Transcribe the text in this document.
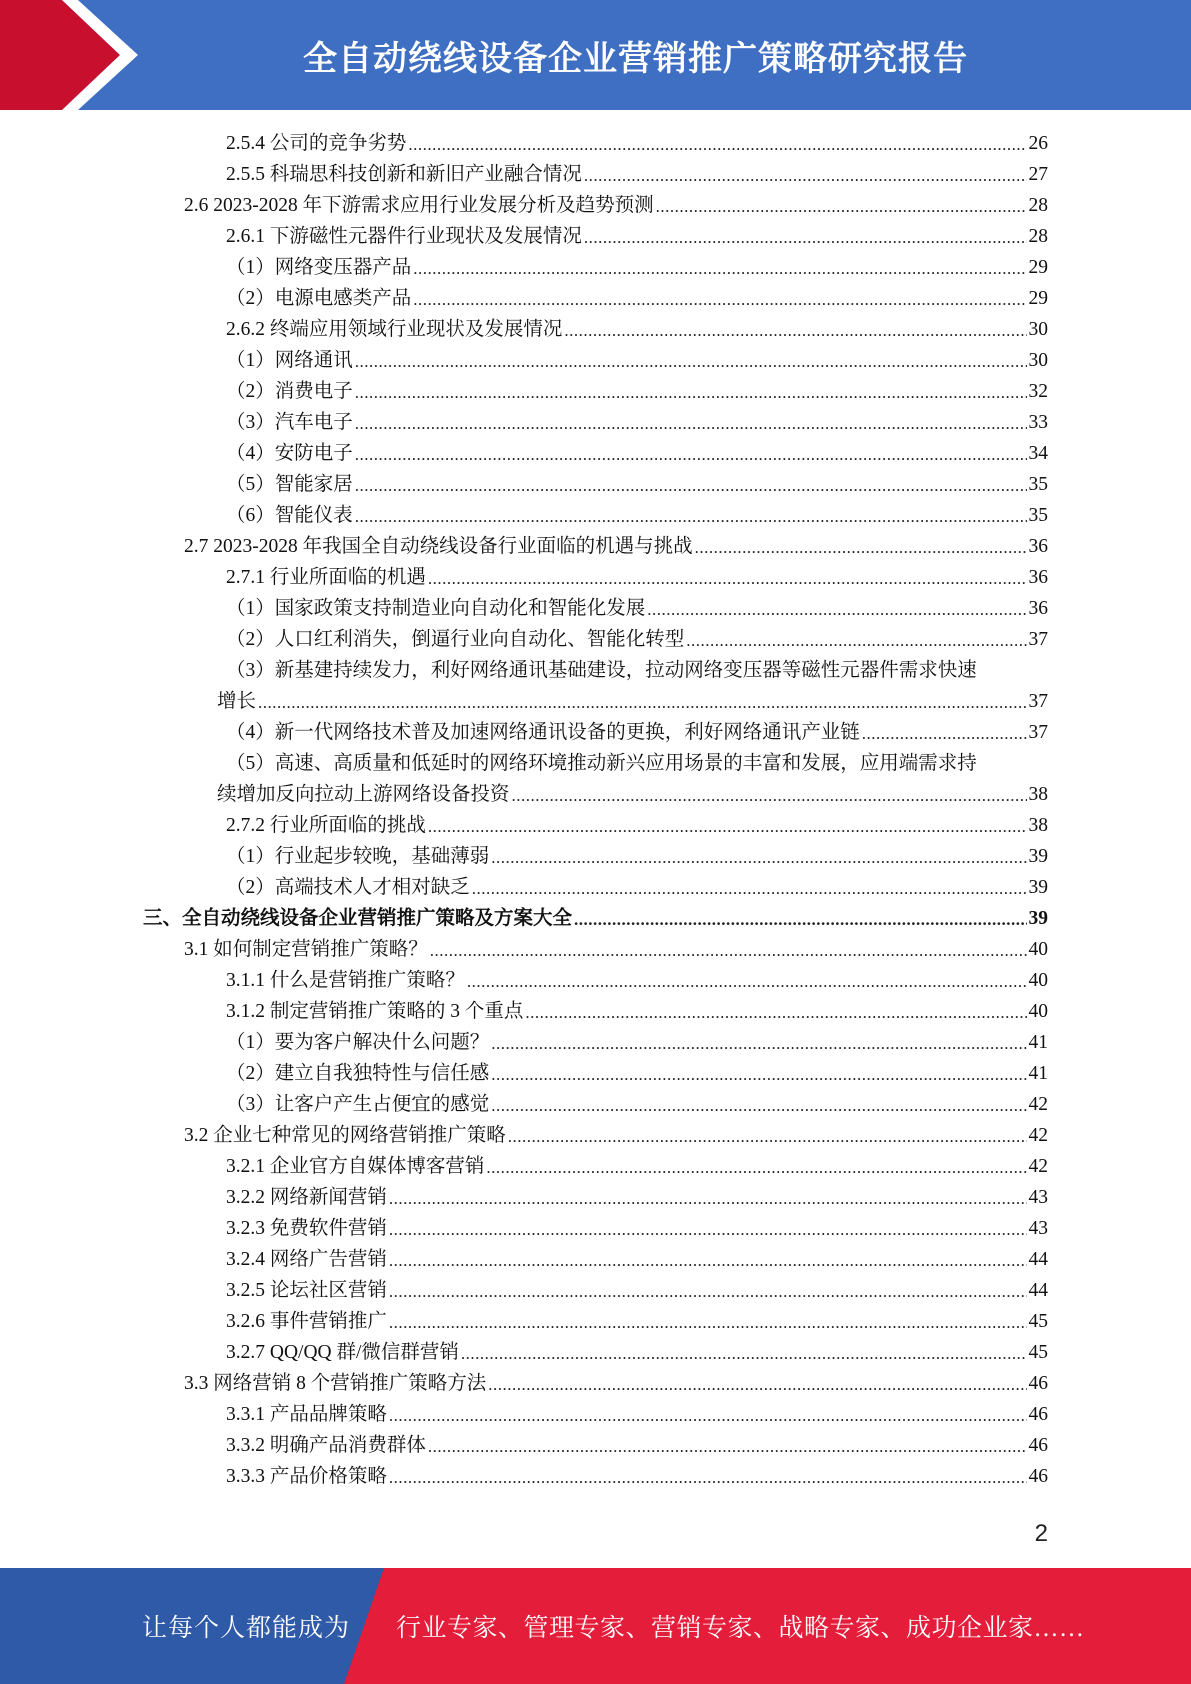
全自动绕线设备企业营销推广策略研究报告
2.5.4 公司的竞争劣势 .....	26
2.5.5 科瑞思科技创新和新旧产业融合情况 .....	27
2.6 2023-2028 年下游需求应用行业发展分析及趋势预测 .....	28
2.6.1 下游磁性元器件行业现状及发展情况 .....	28
（1）网络变压器产品 .....	29
（2）电源电感类产品 .....	29
2.6.2 终端应用领域行业现状及发展情况 .....	30
（1）网络通讯 .....	30
（2）消费电子 .....	32
（3）汽车电子 .....	33
（4）安防电子 .....	34
（5）智能家居 .....	35
（6）智能仪表 .....	35
2.7 2023-2028 年我国全自动绕线设备行业面临的机遇与挑战 .....	36
2.7.1 行业所面临的机遇 .....	36
（1）国家政策支持制造业向自动化和智能化发展 .....	36
（2）人口红利消失，倒逼行业向自动化、智能化转型 .....	37
（3）新基建持续发力，利好网络通讯基础建设，拉动网络变压器等磁性元器件需求快速
增长 .....	37
（4）新一代网络技术普及加速网络通讯设备的更换，利好网络通讯产业链 .....	37
（5）高速、高质量和低延时的网络环境推动新兴应用场景的丰富和发展，应用端需求持
续增加反向拉动上游网络设备投资 .....	38
2.7.2 行业所面临的挑战 .....	38
（1）行业起步较晚，基础薄弱 .....	39
（2）高端技术人才相对缺乏 .....	39
三、全自动绕线设备企业营销推广策略及方案大全 .....	39
3.1 如何制定营销推广策略？ .....	40
3.1.1 什么是营销推广策略？ .....	40
3.1.2 制定营销推广策略的 3 个重点 .....	40
（1）要为客户解决什么问题？ .....	41
（2）建立自我独特性与信任感 .....	41
（3）让客户产生占便宜的感觉 .....	42
3.2 企业七种常见的网络营销推广策略 .....	42
3.2.1 企业官方自媒体博客营销 .....	42
3.2.2 网络新闻营销 .....	43
3.2.3 免费软件营销 .....	43
3.2.4 网络广告营销 .....	44
3.2.5 论坛社区营销 .....	44
3.2.6 事件营销推广 .....	45
3.2.7 QQ/QQ 群/微信群营销 .....	45
3.3 网络营销 8 个营销推广策略方法 .....	46
3.3.1 产品品牌策略 .....	46
3.3.2 明确产品消费群体 .....	46
3.3.3 产品价格策略 .....	46
2
让每个人都能成为 行业专家、管理专家、营销专家、战略专家、成功企业家……
